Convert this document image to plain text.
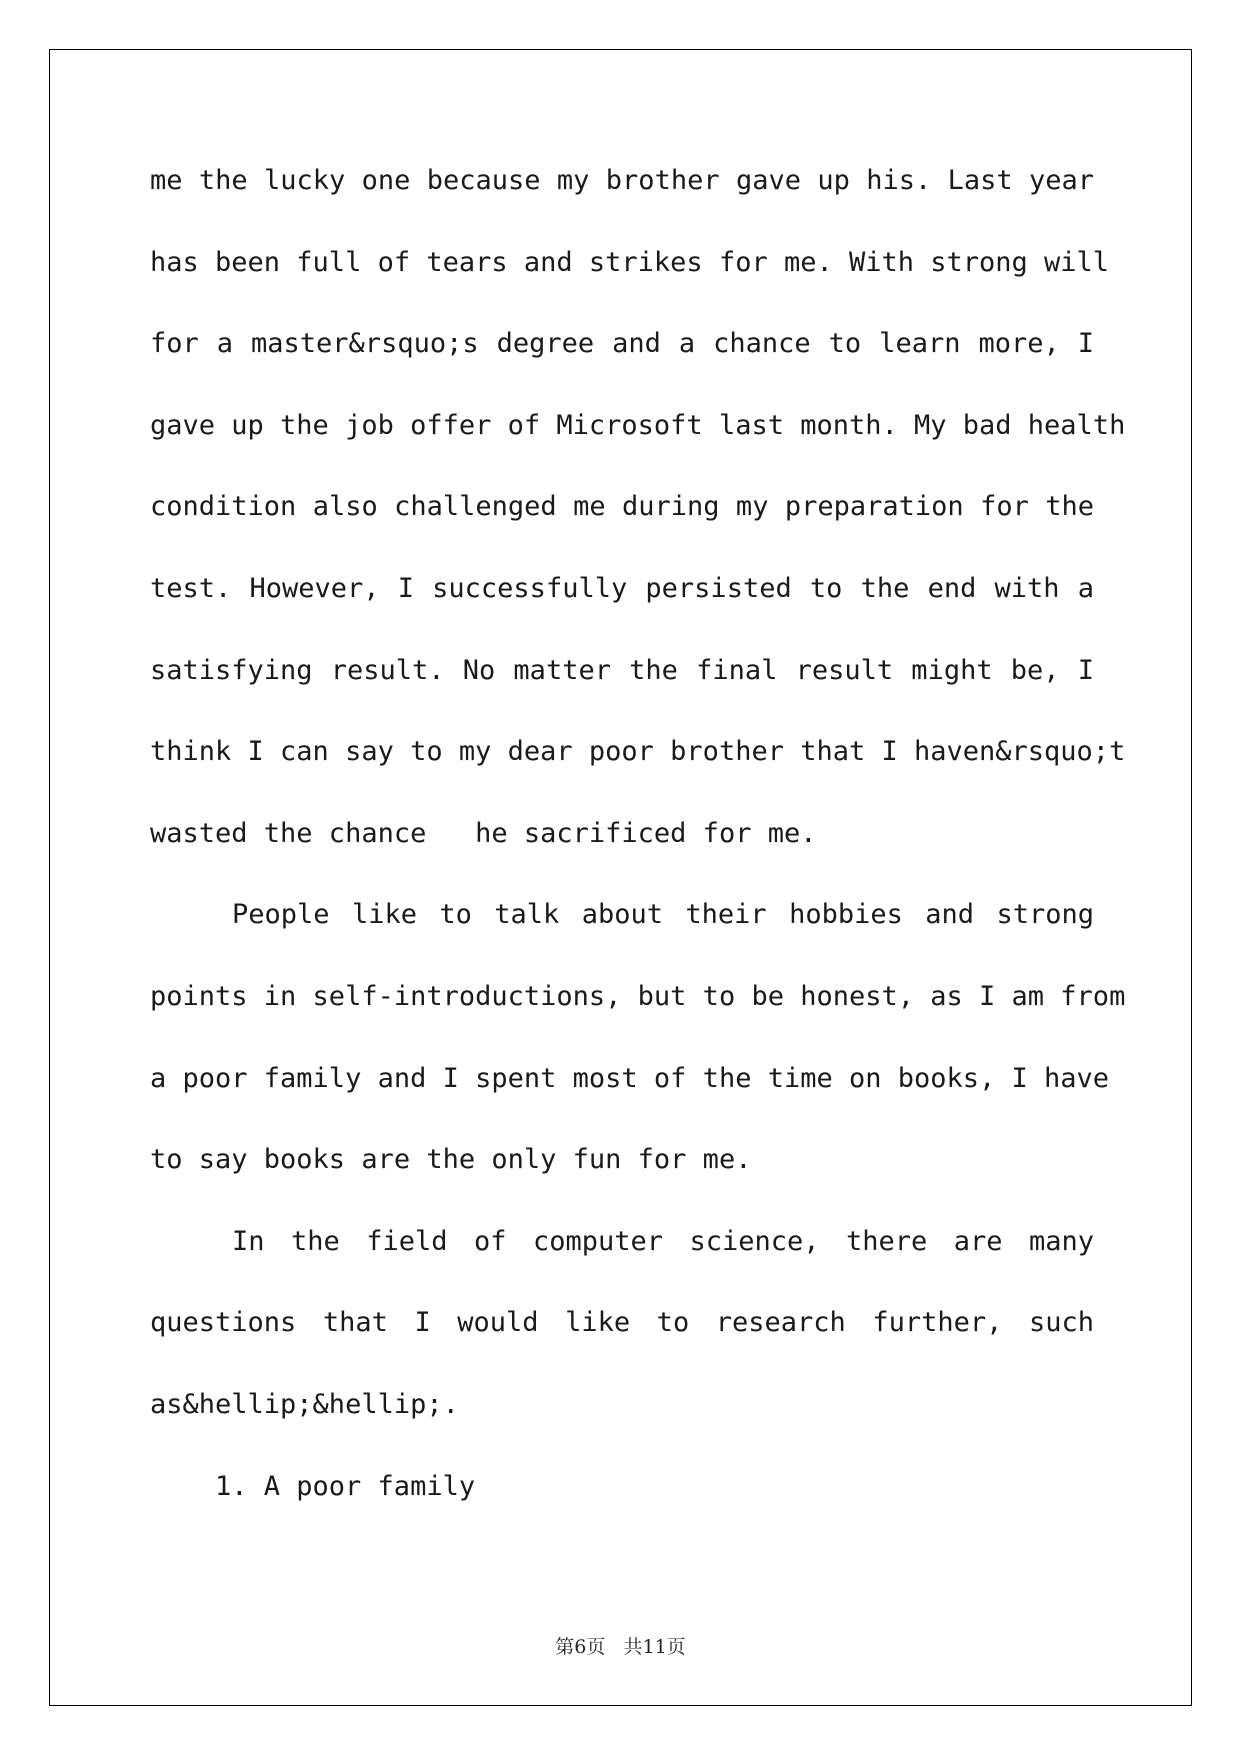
me the lucky one because my brother gave up his. Last year
has been full of tears and strikes for me. With strong will
for a master&rsquo;s degree and a chance to learn more, I
gave up the job offer of Microsoft last month. My bad health
condition also challenged me during my preparation for the
test. However, I successfully persisted to the end with a
satisfying result. No matter the final result might be, I
think I can say to my dear poor brother that I haven&rsquo;t
wasted the chance   he sacrificed for me.
People like to talk about their hobbies and strong
points in self-introductions, but to be honest, as I am from
a poor family and I spent most of the time on books, I have
to say books are the only fun for me.
In the field of computer science, there are many
questions that I would like to research further, such
as&hellip;&hellip;.
1. A poor family
第6页   共11页
